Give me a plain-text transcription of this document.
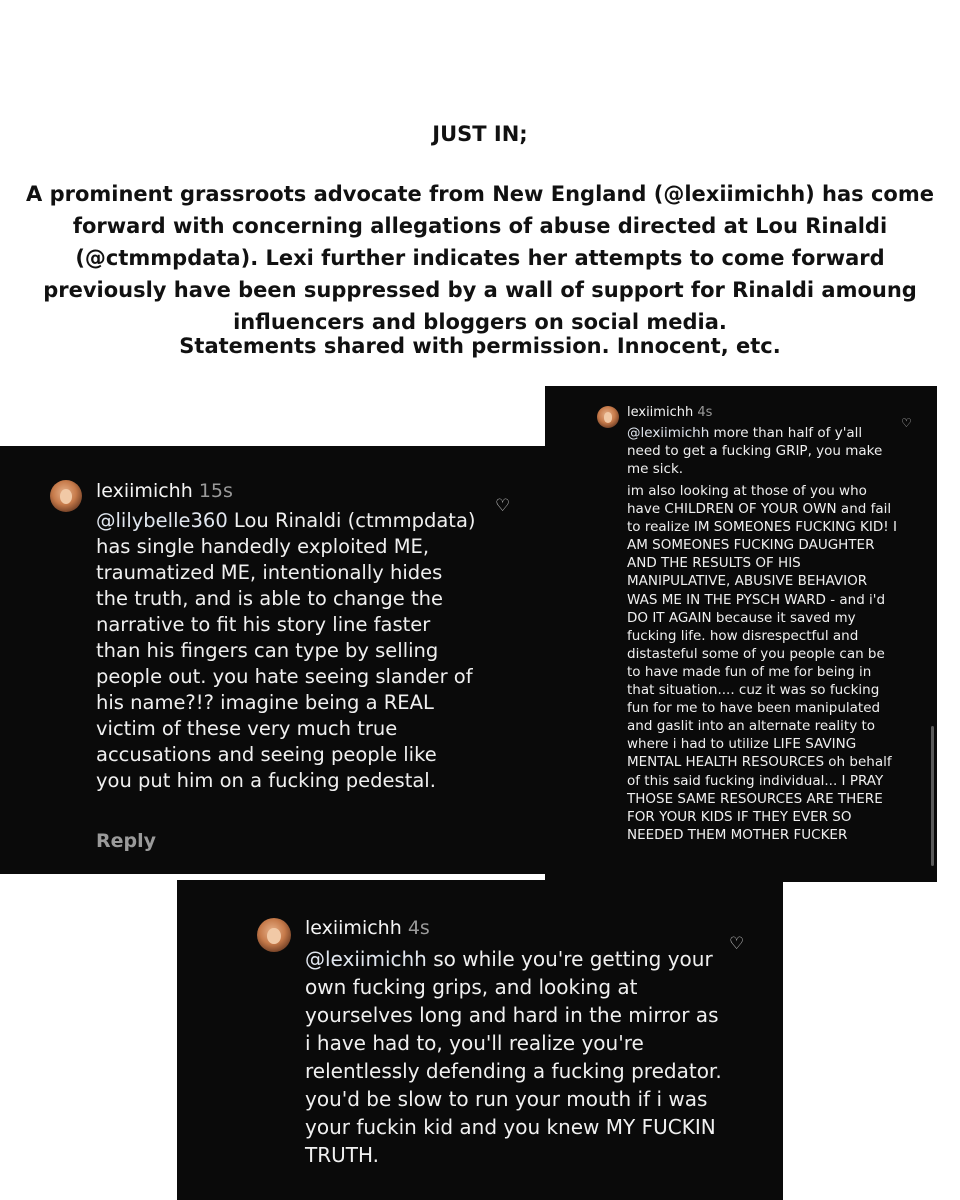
JUST IN;
A prominent grassroots advocate from New England (@lexiimichh) has come forward with concerning allegations of abuse directed at Lou Rinaldi (@ctmmpdata). Lexi further indicates her attempts to come forward previously have been suppressed by a wall of support for Rinaldi amoung influencers and bloggers on social media.
Statements shared with permission. Innocent, etc.
lexiimichh 15s
♡
@lilybelle360 Lou Rinaldi (ctmmpdata) has single handedly exploited ME, traumatized ME, intentionally hides the truth, and is able to change the narrative to fit his story line faster than his fingers can type by selling people out. you hate seeing slander of his name?!? imagine being a REAL victim of these very much true accusations and seeing people like you put him on a fucking pedestal.
Reply
lexiimichh 4s
♡
@lexiimichh more than half of y'all need to get a fucking GRIP, you make me sick.
im also looking at those of you who have CHILDREN OF YOUR OWN and fail to realize IM SOMEONES FUCKING KID! I AM SOMEONES FUCKING DAUGHTER AND THE RESULTS OF HIS MANIPULATIVE, ABUSIVE BEHAVIOR WAS ME IN THE PYSCH WARD - and i'd DO IT AGAIN because it saved my fucking life. how disrespectful and distasteful some of you people can be to have made fun of me for being in that situation.... cuz it was so fucking fun for me to have been manipulated and gaslit into an alternate reality to where i had to utilize LIFE SAVING MENTAL HEALTH RESOURCES oh behalf of this said fucking individual... I PRAY THOSE SAME RESOURCES ARE THERE FOR YOUR KIDS IF THEY EVER SO NEEDED THEM MOTHER FUCKER
lexiimichh 4s
♡
@lexiimichh so while you're getting your own fucking grips, and looking at yourselves long and hard in the mirror as i have had to, you'll realize you're relentlessly defending a fucking predator. you'd be slow to run your mouth if i was your fuckin kid and you knew MY FUCKIN TRUTH.
